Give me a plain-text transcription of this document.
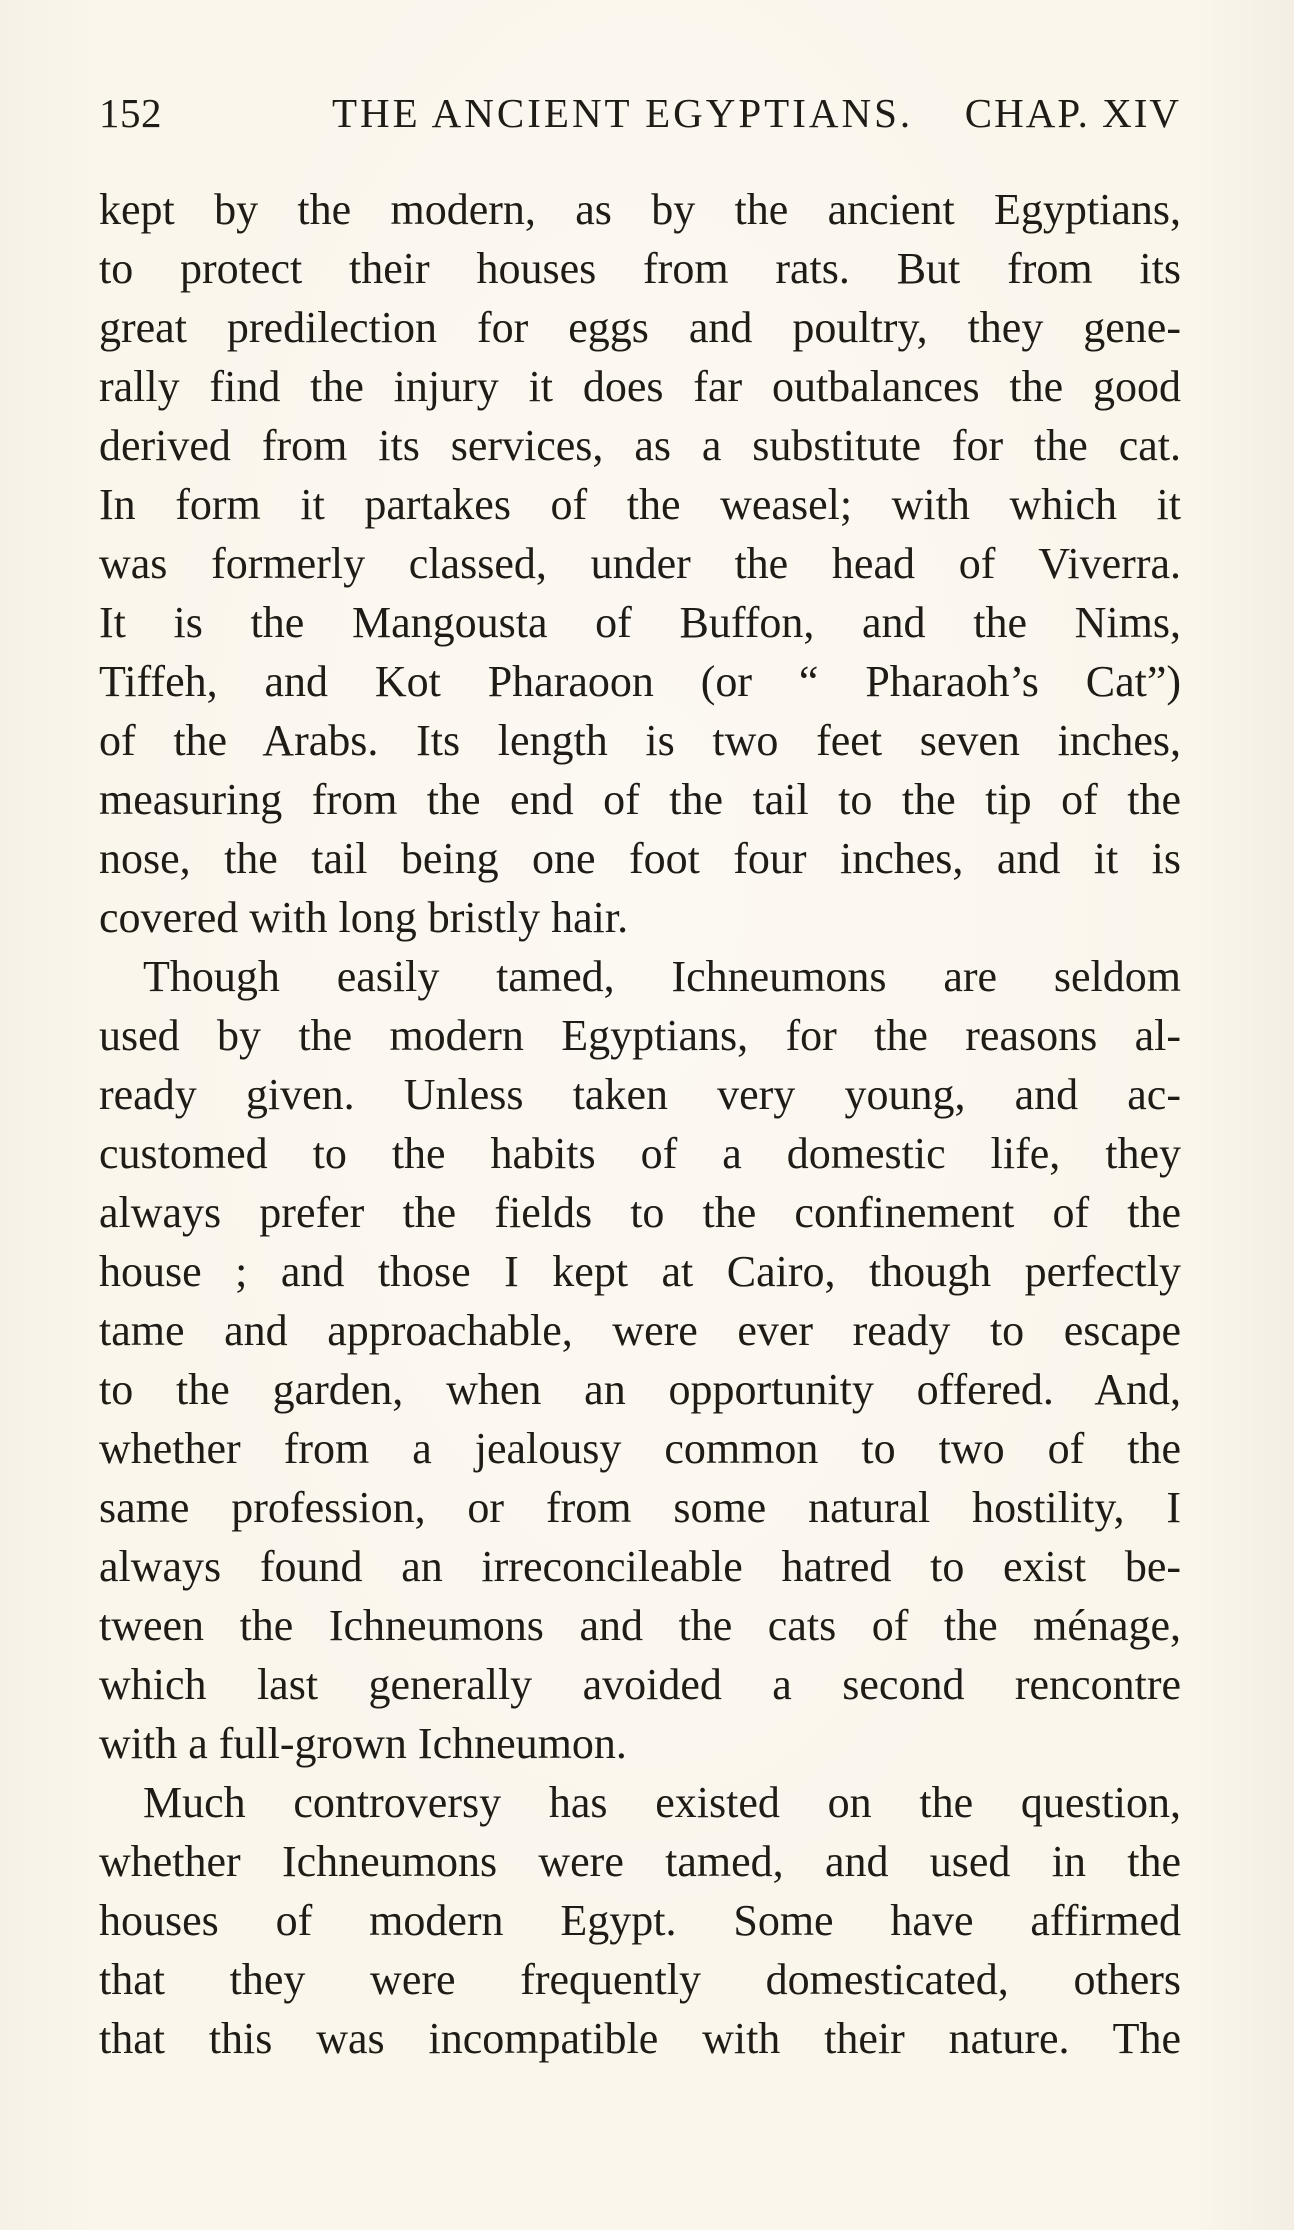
152	THE ANCIENT EGYPTIANS. CHAP. XIV
kept by the modern, as by the ancient Egyptians,
to protect their houses from rats. But from its
great predilection for eggs and poultry, they gene-
rally find the injury it does far outbalances the good
derived from its services, as a substitute for the cat.
In form it partakes of the weasel; with which it
was formerly classed, under the head of Viverra.
It is the Mangousta of Buffon, and the Nims,
Tiffeh, and Kot Pharaoon (or “ Pharaoh’s Cat”)
of the Arabs. Its length is two feet seven inches,
measuring from the end of the tail to the tip of the
nose, the tail being one foot four inches, and it is
covered with long bristly hair.
Though easily tamed, Ichneumons are seldom
used by the modern Egyptians, for the reasons al-
ready given. Unless taken very young, and ac-
customed to the habits of a domestic life, they
always prefer the fields to the confinement of the
house ; and those I kept at Cairo, though perfectly
tame and approachable, were ever ready to escape
to the garden, when an opportunity offered. And,
whether from a jealousy common to two of the
same profession, or from some natural hostility, I
always found an irreconcileable hatred to exist be-
tween the Ichneumons and the cats of the ménage,
which last generally avoided a second rencontre
with a full-grown Ichneumon.
Much controversy has existed on the question,
whether Ichneumons were tamed, and used in the
houses of modern Egypt. Some have affirmed
that they were frequently domesticated, others
that this was incompatible with their nature. The
